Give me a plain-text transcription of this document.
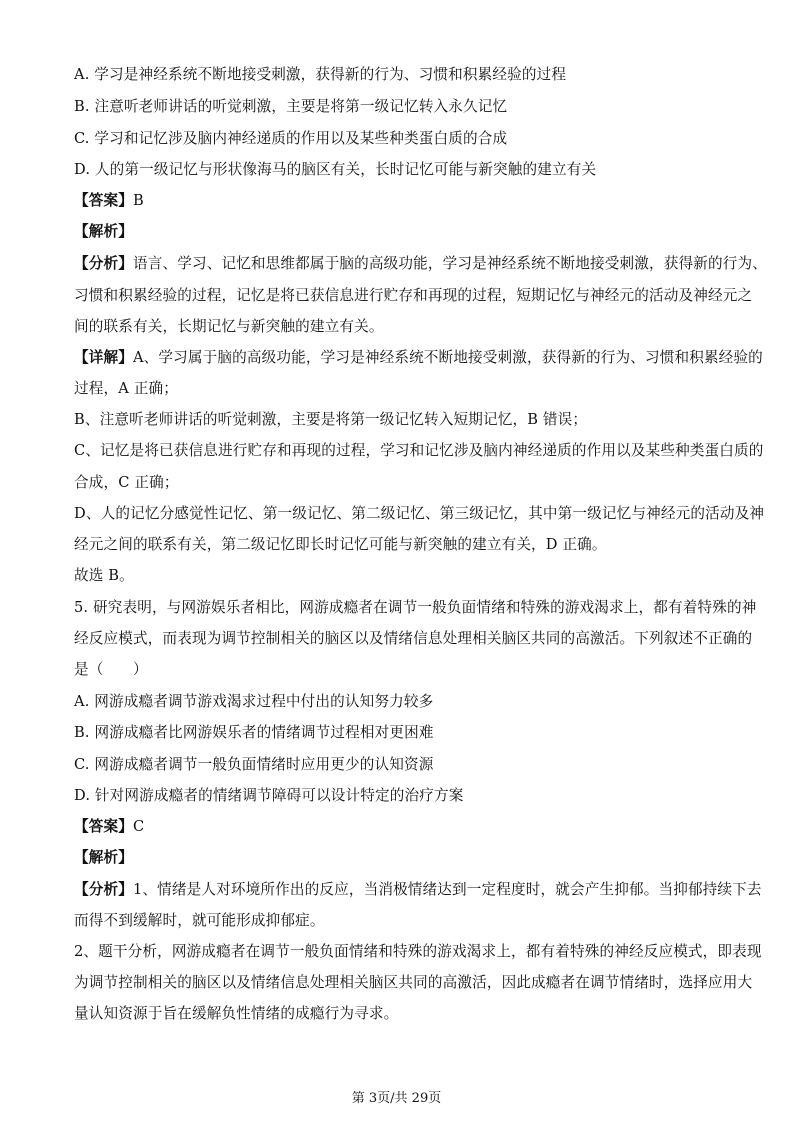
A. 学习是神经系统不断地接受刺激，获得新的行为、习惯和积累经验的过程
B. 注意听老师讲话的听觉刺激，主要是将第一级记忆转入永久记忆
C. 学习和记忆涉及脑内神经递质的作用以及某些种类蛋白质的合成
D. 人的第一级记忆与形状像海马的脑区有关，长时记忆可能与新突触的建立有关
【答案】B
【解析】
【分析】语言、学习、记忆和思维都属于脑的高级功能，学习是神经系统不断地接受刺激，获得新的行为、
习惯和积累经验的过程，记忆是将已获信息进行贮存和再现的过程，短期记忆与神经元的活动及神经元之
间的联系有关，长期记忆与新突触的建立有关。
【详解】A、学习属于脑的高级功能，学习是神经系统不断地接受刺激，获得新的行为、习惯和积累经验的
过程，A 正确；
B、注意听老师讲话的听觉刺激，主要是将第一级记忆转入短期记忆，B 错误；
C、记忆是将已获信息进行贮存和再现的过程，学习和记忆涉及脑内神经递质的作用以及某些种类蛋白质的
合成，C 正确；
D、人的记忆分感觉性记忆、第一级记忆、第二级记忆、第三级记忆，其中第一级记忆与神经元的活动及神
经元之间的联系有关，第二级记忆即长时记忆可能与新突触的建立有关，D 正确。
故选 B。
5. 研究表明，与网游娱乐者相比，网游成瘾者在调节一般负面情绪和特殊的游戏渴求上，都有着特殊的神
经反应模式，而表现为调节控制相关的脑区以及情绪信息处理相关脑区共同的高激活。下列叙述不正确的
是（　　）
A. 网游成瘾者调节游戏渴求过程中付出的认知努力较多
B. 网游成瘾者比网游娱乐者的情绪调节过程相对更困难
C. 网游成瘾者调节一般负面情绪时应用更少的认知资源
D. 针对网游成瘾者的情绪调节障碍可以设计特定的治疗方案
【答案】C
【解析】
【分析】1、情绪是人对环境所作出的反应，当消极情绪达到一定程度时，就会产生抑郁。当抑郁持续下去
而得不到缓解时，就可能形成抑郁症。
2、题干分析，网游成瘾者在调节一般负面情绪和特殊的游戏渴求上，都有着特殊的神经反应模式，即表现
为调节控制相关的脑区以及情绪信息处理相关脑区共同的高激活，因此成瘾者在调节情绪时，选择应用大
量认知资源于旨在缓解负性情绪的成瘾行为寻求。
第 3页/共 29页
